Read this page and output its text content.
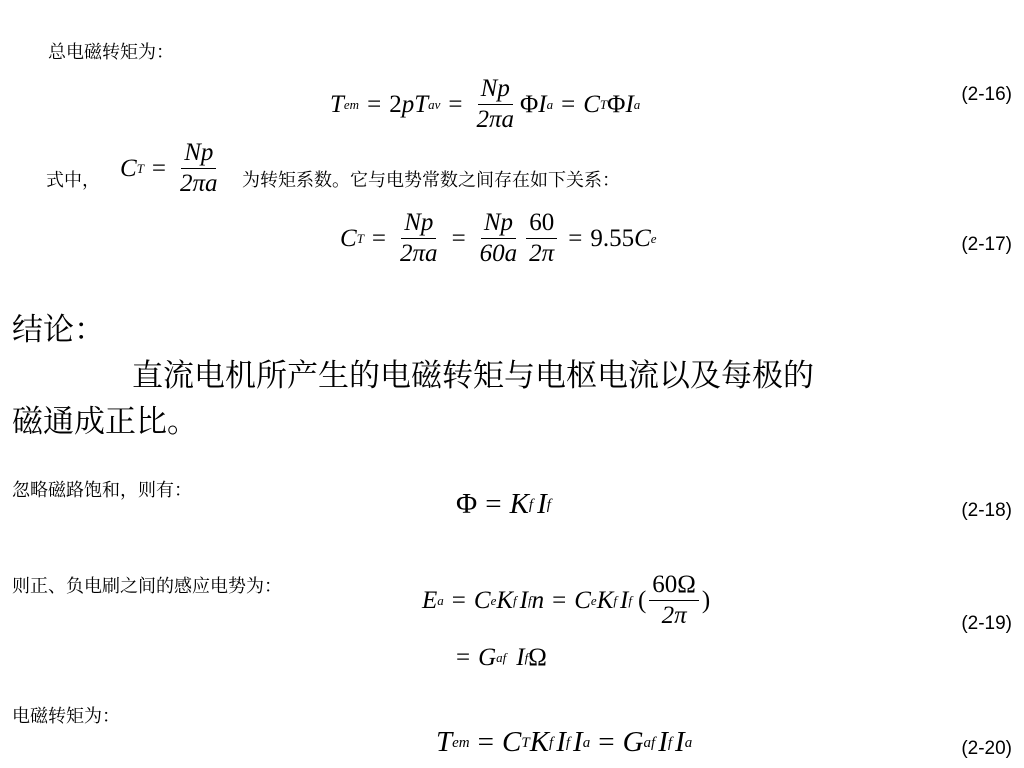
总电磁转矩为：
T em = 2 pT av = $\frac{Np}{2\pi a}$ Φ I a = C T Φ I a	(2-16)
式中， C $T = \frac{Np}{2\pi a}$ 为转矩系数。它与电势常数之间存在如下关系：
C $T = \frac{Np}{2\pi a} = \frac{Np}{60a} \frac{60}{2\pi} = 9.55$ C e	(2-17)
结论：
直流电机所产生的电磁转矩与电枢电流以及每极的
磁通成正比。
忽略磁路饱和，则有：	Φ = K f I f	(2-18)
则正、负电刷之间的感应电势为：
E a = C e K f I f n = C e K f I f ( $\frac{60\Omega}{2\pi}$ )
= G af I f Ω
(2-19)
电磁转矩为：
T em = C T K f I f I a = G af I f I a	(2-20)
